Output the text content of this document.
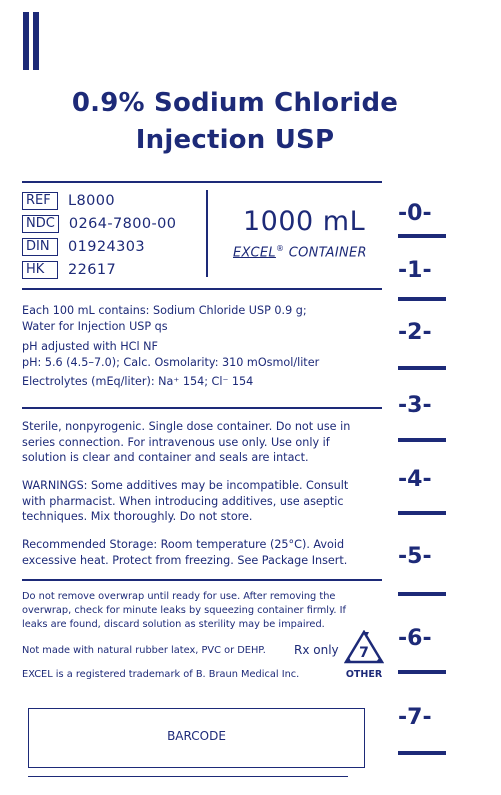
0.9% Sodium Chloride
Injection USP
REF	L8000
NDC 0264-7800-00
DIN	01924303
HK	22617
1000 mL
EXCEL® CONTAINER
Each 100 mL contains: Sodium Chloride USP 0.9 g;
Water for Injection USP qs
pH adjusted with HCl NF
pH: 5.6 (4.5–7.0); Calc. Osmolarity: 310 mOsmol/liter
Electrolytes (mEq/liter): Na⁺ 154; Cl⁻ 154
Sterile, nonpyrogenic. Single dose container. Do not use in
series connection. For intravenous use only. Use only if
solution is clear and container and seals are intact.
WARNINGS: Some additives may be incompatible. Consult
with pharmacist. When introducing additives, use aseptic
techniques. Mix thoroughly. Do not store.
Recommended Storage: Room temperature (25°C). Avoid
excessive heat. Protect from freezing. See Package Insert.
Do not remove overwrap until ready for use. After removing the
overwrap, check for minute leaks by squeezing container firmly. If
leaks are found, discard solution as sterility may be impaired.
Not made with natural rubber latex, PVC or DEHP. Rx only 7
OTHER
EXCEL is a registered trademark of B. Braun Medical Inc.
BARCODE
-0-
-1-
-2-
-3-
-4-
-5-
-6-
-7-
